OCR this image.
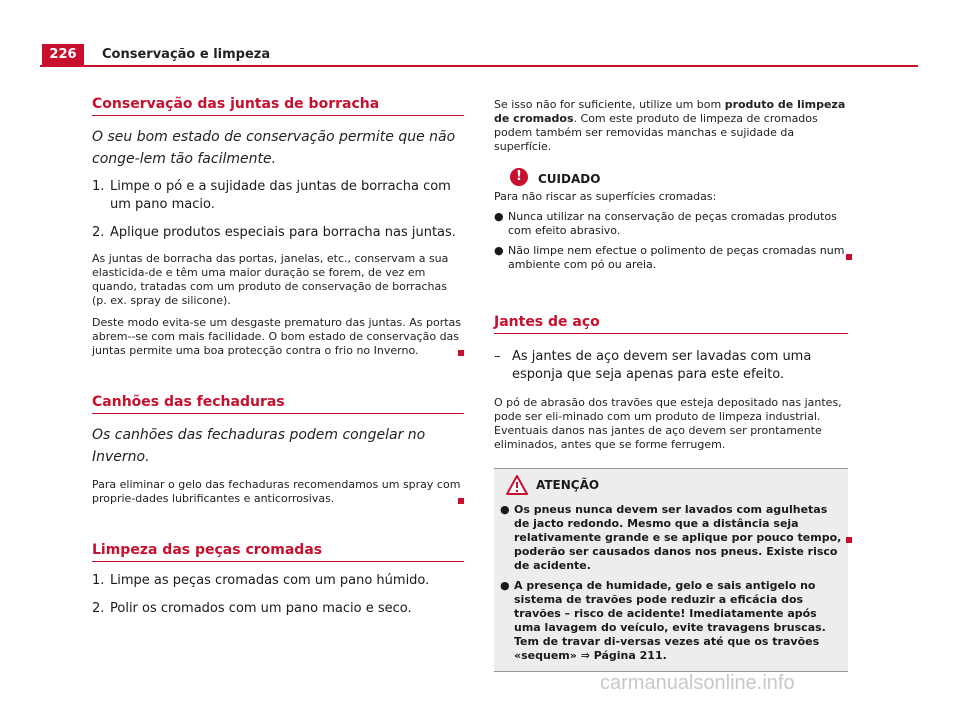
226	Conservação e limpeza
Conservação das juntas de borracha

O seu bom estado de conservação permite que não conge-lem tão facilmente.

1. Limpe o pó e a sujidade das juntas de borracha com um pano macio.
2. Aplique produtos especiais para borracha nas juntas.

As juntas de borracha das portas, janelas, etc., conservam a sua elasticida-de e têm uma maior duração se forem, de vez em quando, tratadas com um produto de conservação de borrachas (p. ex. spray de silicone).

Deste modo evita-se um desgaste prematuro das juntas. As portas abrem--se com mais facilidade. O bom estado de conservação das juntas permite uma boa protecção contra o frio no Inverno.

Canhões das fechaduras

Os canhões das fechaduras podem congelar no Inverno.

Para eliminar o gelo das fechaduras recomendamos um spray com proprie-dades lubrificantes e anticorrosivas.

Limpeza das peças cromadas
1. Limpe as peças cromadas com um pano húmido.
2. Polir os cromados com um pano macio e seco.

Se isso não for suficiente, utilize um bom produto de limpeza de cromados. Com este produto de limpeza de cromados podem também ser removidas manchas e sujidade da superfície.

!	CUIDADO

Para não riscar as superfícies cromadas:

● Nunca utilizar na conservação de peças cromadas produtos com efeito abrasivo.
● Não limpe nem efectue o polimento de peças cromadas num ambiente com pó ou areia.
Jantes de aço
– As jantes de aço devem ser lavadas com uma esponja que seja apenas para este efeito.

O pó de abrasão dos travões que esteja depositado nas jantes, pode ser eli-minado com um produto de limpeza industrial. Eventuais danos nas jantes de aço devem ser prontamente eliminados, antes que se forme ferrugem.

ATENÇÃO
● Os pneus nunca devem ser lavados com agulhetas de jacto redondo. Mesmo que a distância seja relativamente grande e se aplique por pouco tempo, poderão ser causados danos nos pneus. Existe risco de acidente.
● A presença de humidade, gelo e sais antigelo no sistema de travões pode reduzir a eficácia dos travões – risco de acidente! Imediatamente após uma lavagem do veículo, evite travagens bruscas. Tem de travar di-versas vezes até que os travões «sequem» ⇒ Página 211.
carmanualsonline.info
